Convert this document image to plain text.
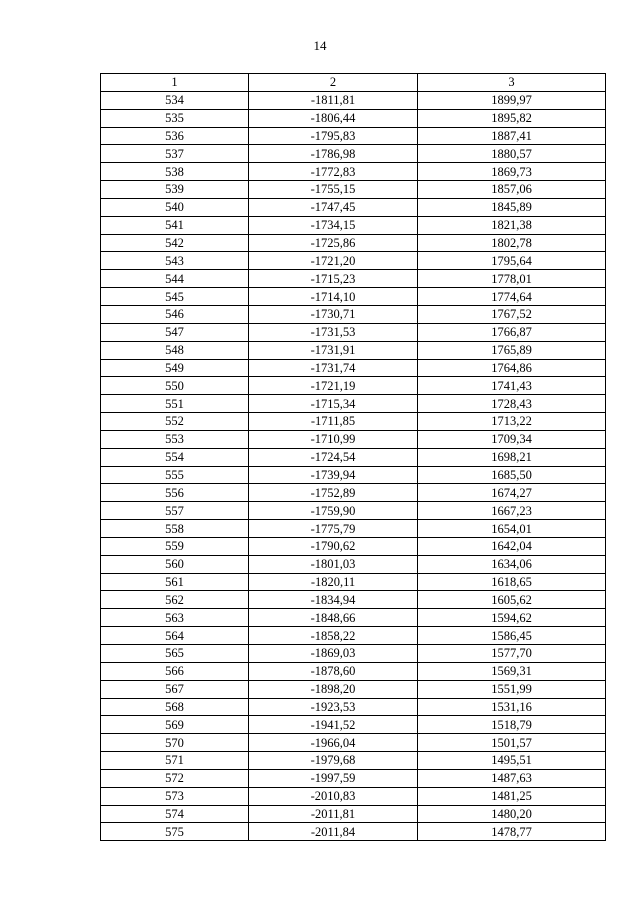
14
1	2	3
534	-1811,81	1899,97
535	-1806,44	1895,82
536	-1795,83	1887,41
537	-1786,98	1880,57
538	-1772,83	1869,73
539	-1755,15	1857,06
540	-1747,45	1845,89
541	-1734,15	1821,38
542	-1725,86	1802,78
543	-1721,20	1795,64
544	-1715,23	1778,01
545	-1714,10	1774,64
546	-1730,71	1767,52
547	-1731,53	1766,87
548	-1731,91	1765,89
549	-1731,74	1764,86
550	-1721,19	1741,43
551	-1715,34	1728,43
552	-1711,85	1713,22
553	-1710,99	1709,34
554	-1724,54	1698,21
555	-1739,94	1685,50
556	-1752,89	1674,27
557	-1759,90	1667,23
558	-1775,79	1654,01
559	-1790,62	1642,04
560	-1801,03	1634,06
561	-1820,11	1618,65
562	-1834,94	1605,62
563	-1848,66	1594,62
564	-1858,22	1586,45
565	-1869,03	1577,70
566	-1878,60	1569,31
567	-1898,20	1551,99
568	-1923,53	1531,16
569	-1941,52	1518,79
570	-1966,04	1501,57
571	-1979,68	1495,51
572	-1997,59	1487,63
573	-2010,83	1481,25
574	-2011,81	1480,20
575	-2011,84	1478,77
